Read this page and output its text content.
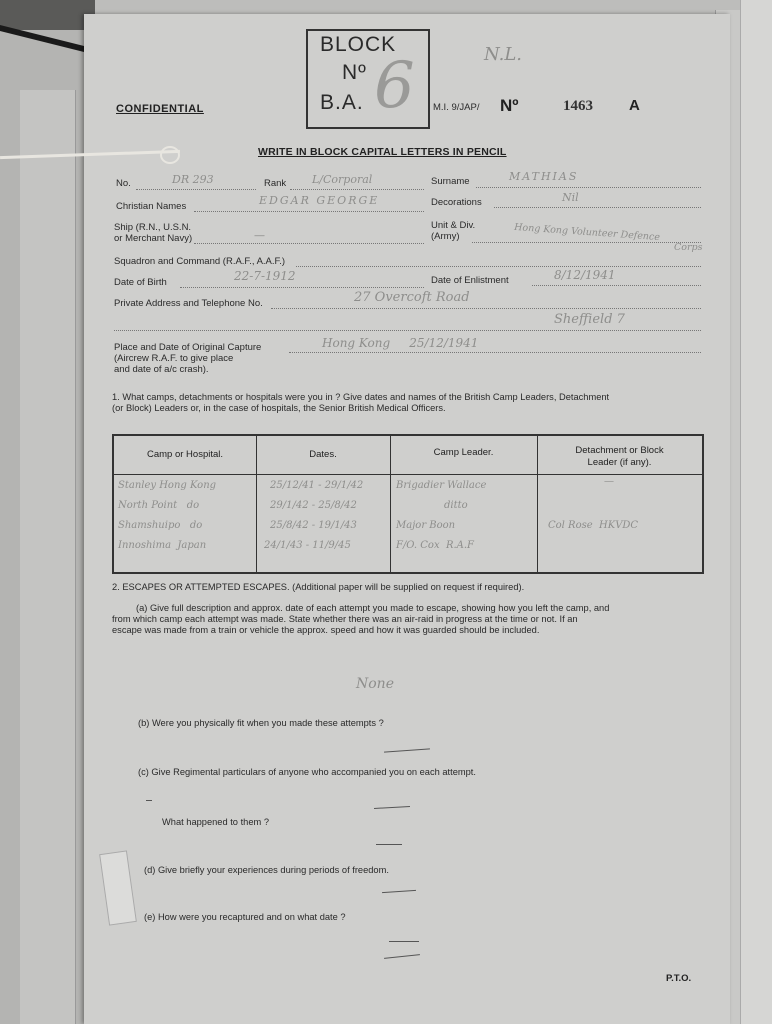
BLOCK
Nº
B.A. 6	N.L.
CONFIDENTIAL	M.I. 9/JAP/ Nº	1463 A
WRITE IN BLOCK CAPITAL LETTERS IN PENCIL
No.	DR 293	Rank L/Corporal	Surname	MATHIAS
Christian Names	EDGAR GEORGE	Decorations	Nil
Ship (R.N., U.S.N.
or Merchant Navy)	—
Unit & Div.
(Army)	Hong Kong Volunteer Defence
Corps
Squadron and Command (R.A.F., A.A.F.)
Date of Birth	22-7-1912	Date of Enlistment	8/12/1941
Private Address and Telephone No.	27 Overcoft Road
Sheffield 7
Place and Date of Original Capture
(Aircrew R.A.F. to give place
and date of a/c crash).
Hong Kong     25/12/1941
1. What camps, detachments or hospitals were you in ? Give dates and names of the British Camp Leaders, Detachment
(or Block) Leaders or, in the case of hospitals, the Senior British Medical Officers.
Camp or Hospital.	Dates.	Camp Leader.	Detachment or Block
Leader (if any).
Stanley Hong Kong	25/12/41 - 29/1/42	Brigadier Wallace	—
North Point   do	29/1/42 - 25/8/42	ditto
Shamshuipo   do	25/8/42 - 19/1/43	Major Boon	Col Rose  HKVDC
Innoshima  Japan	24/1/43 - 11/9/45	F/O. Cox  R.A.F
2. ESCAPES OR ATTEMPTED ESCAPES. (Additional paper will be supplied on request if required).
(a) Give full description and approx. date of each attempt you made to escape, showing how you left the camp, and
from which camp each attempt was made. State whether there was an air-raid in progress at the time or not. If an
escape was made from a train or vehicle the approx. speed and how it was guarded should be included.
None
(b) Were you physically fit when you made these attempts ?
(c) Give Regimental particulars of anyone who accompanied you on each attempt.
What happened to them ?
(d) Give briefly your experiences during periods of freedom.
(e) How were you recaptured and on what date ?
P.T.O.
